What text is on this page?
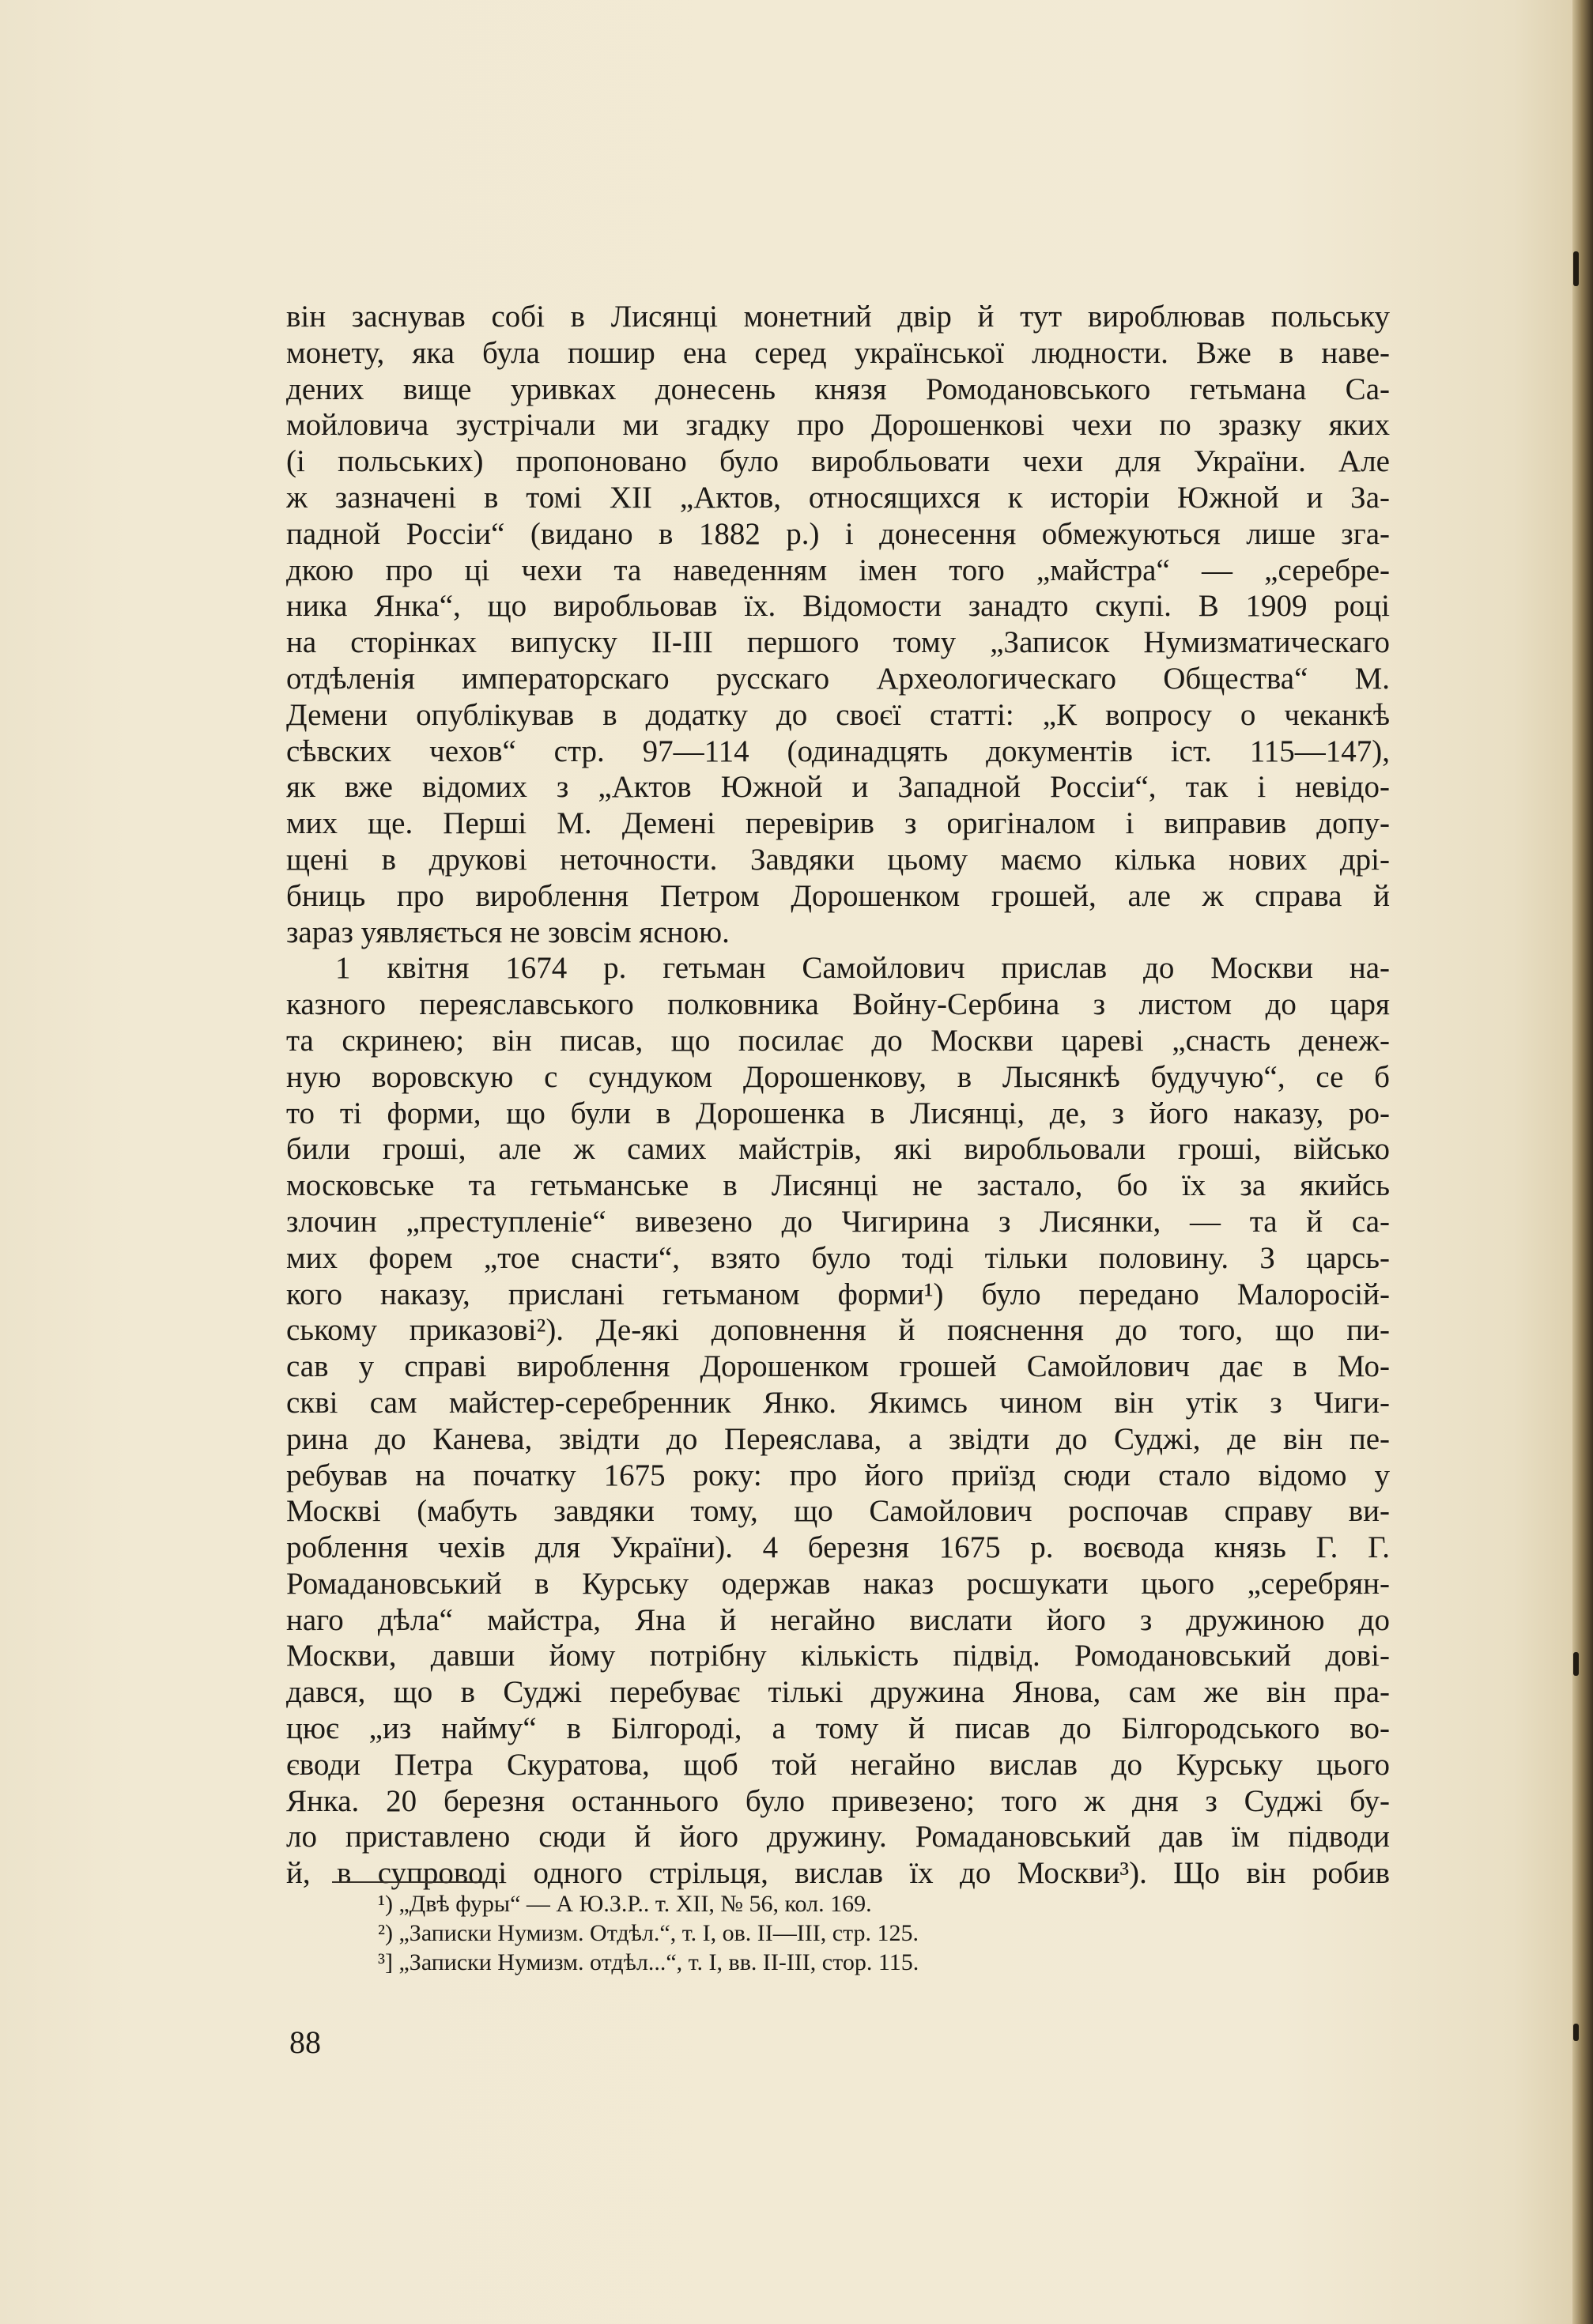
він заснував собі в Лисянці монетний двір й тут вироблював польську
монету, яка була пошир ена серед української людности. Вже в наве-
дених вище уривках донесень князя Ромодановського гетьмана Са-
мойловича зустрічали ми згадку про Дорошенкові чехи по зразку яких
(і польських) пропоновано було виробльовати чехи для України. Але
ж зазначені в томі XII „Актов, относящихся к исторіи Южной и За-
падной Россіи“ (видано в 1882 р.) і донесення обмежуються лише зга-
дкою про ці чехи та наведенням імен того „майстра“ — „серебре-
ника Янка“, що виробльовав їх. Відомости занадто скупі. В 1909 році
на сторінках випуску II-III першого тому „Записок Нумизматическаго
отдѣленія императорскаго русскаго Археологическаго Общества“ М.
Демени опублікував в додатку до своєї статті: „К вопросу о чеканкѣ
сѣвских чехов“ стр. 97—114 (одинадцять документів іст. 115—147),
як вже відомих з „Актов Южной и Западной Россіи“, так і невідо-
мих ще. Перші М. Демені перевірив з оригіналом і виправив допу-
щені в друкові неточности. Завдяки цьому маємо кілька нових дрі-
бниць про вироблення Петром Дорошенком грошей, але ж справа й
зараз уявляється не зовсім ясною.
1 квітня 1674 р. гетьман Самойлович прислав до Москви на-
казного переяславського полковника Войну-Сербина з листом до царя
та скринею; він писав, що посилає до Москви цареві „снасть денеж-
ную воровскую с сундуком Дорошенкову, в Лысянкѣ будучую“, се б
то ті форми, що були в Дорошенка в Лисянці, де, з його наказу, ро-
били гроші, але ж самих майстрів, які виробльовали гроші, військо
московське та гетьманське в Лисянці не застало, бо їх за якийсь
злочин „преступленіе“ вивезено до Чигирина з Лисянки, — та й са-
мих форем „тое снасти“, взято було тоді тільки половину. З царсь-
кого наказу, прислані гетьманом форми¹) було передано Малоросій-
ському приказові²). Де-які доповнення й пояснення до того, що пи-
сав у справі вироблення Дорошенком грошей Самойлович дає в Мо-
скві сам майстер-серебренник Янко. Якимсь чином він утік з Чиги-
рина до Канева, звідти до Переяслава, а звідти до Суджі, де він пе-
ребував на початку 1675 року: про його приїзд сюди стало відомо у
Москві (мабуть завдяки тому, що Самойлович роспочав справу ви-
роблення чехів для України). 4 березня 1675 р. воєвода князь Г. Г.
Ромадановський в Курську одержав наказ росшукати цього „серебрян-
наго дѣла“ майстра, Яна й негайно вислати його з дружиною до
Москви, давши йому потрібну кількість підвід. Ромодановський дові-
дався, що в Суджі перебуває тількі дружина Янова, сам же він пра-
цює „из найму“ в Білгороді, а тому й писав до Білгородського во-
єводи Петра Скуратова, щоб той негайно вислав до Курську цього
Янка. 20 березня останнього було привезено; того ж дня з Суджі бу-
ло приставлено сюди й його дружину. Ромадановський дав їм підводи
й, в супроводі одного стрільця, вислав їх до Москви³). Що він робив
¹) „Двѣ фуры“ — А Ю.З.Р.. т. XII, № 56, кол. 169.
²) „Записки Нумизм. Отдѣл.“, т. I, ов. II—III, стр. 125.
³] „Записки Нумизм. отдѣл...“, т. I, вв. II-III, стор. 115.
88
